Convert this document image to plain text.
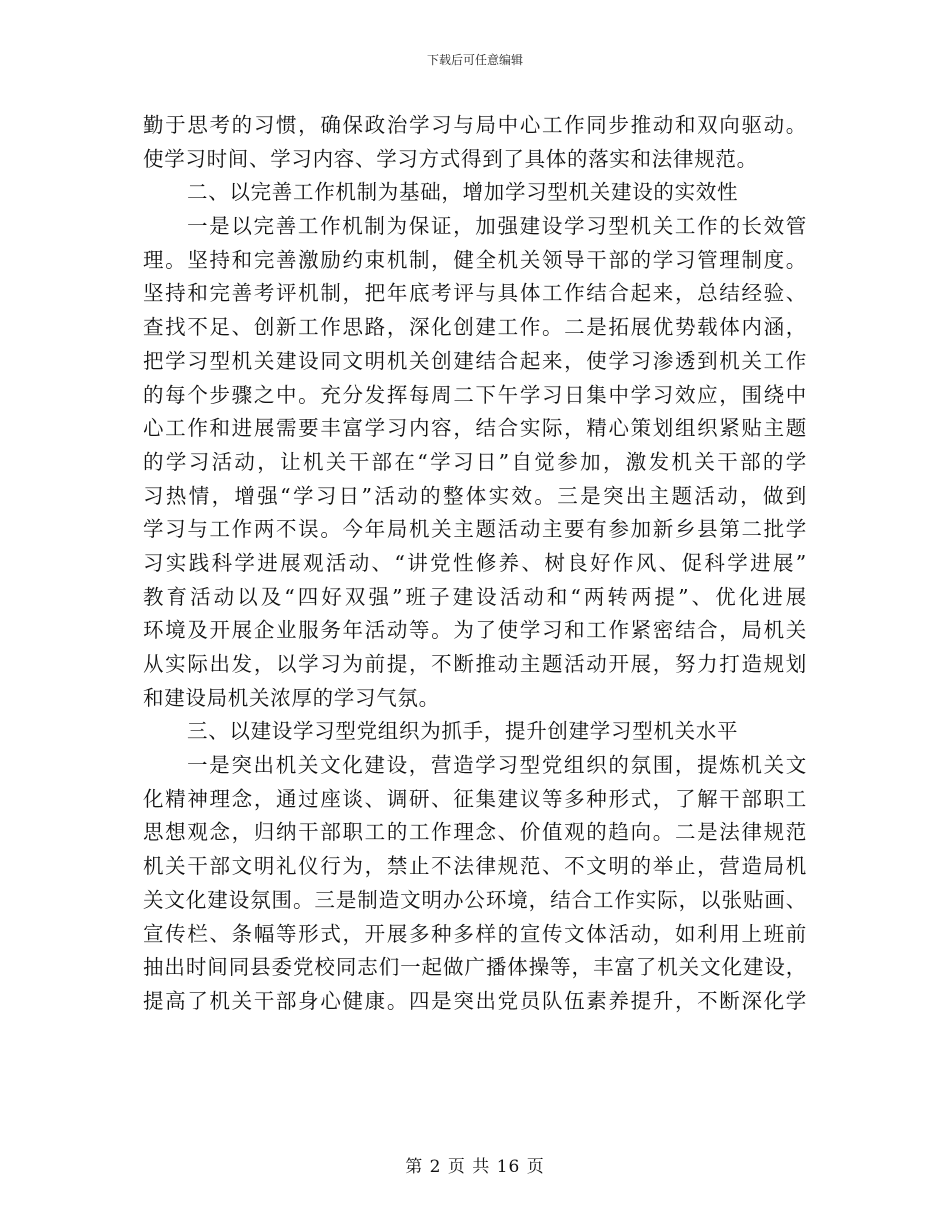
下载后可任意编辑
勤于思考的习惯，确保政治学习与局中心工作同步推动和双向驱动。
使学习时间、学习内容、学习方式得到了具体的落实和法律规范。
二、以完善工作机制为基础，增加学习型机关建设的实效性
一是以完善工作机制为保证，加强建设学习型机关工作的长效管
理。坚持和完善激励约束机制，健全机关领导干部的学习管理制度。
坚持和完善考评机制，把年底考评与具体工作结合起来，总结经验、
查找不足、创新工作思路，深化创建工作。二是拓展优势载体内涵，
把学习型机关建设同文明机关创建结合起来，使学习渗透到机关工作
的每个步骤之中。充分发挥每周二下午学习日集中学习效应，围绕中
心工作和进展需要丰富学习内容，结合实际，精心策划组织紧贴主题
的学习活动，让机关干部在“学习日”自觉参加，激发机关干部的学
习热情，增强“学习日”活动的整体实效。三是突出主题活动，做到
学习与工作两不误。今年局机关主题活动主要有参加新乡县第二批学
习实践科学进展观活动、“讲党性修养、树良好作风、促科学进展”
教育活动以及“四好双强”班子建设活动和“两转两提”、优化进展
环境及开展企业服务年活动等。为了使学习和工作紧密结合，局机关
从实际出发，以学习为前提，不断推动主题活动开展，努力打造规划
和建设局机关浓厚的学习气氛。
三、以建设学习型党组织为抓手，提升创建学习型机关水平
一是突出机关文化建设，营造学习型党组织的氛围，提炼机关文
化精神理念，通过座谈、调研、征集建议等多种形式，了解干部职工
思想观念，归纳干部职工的工作理念、价值观的趋向。二是法律规范
机关干部文明礼仪行为，禁止不法律规范、不文明的举止，营造局机
关文化建设氛围。三是制造文明办公环境，结合工作实际，以张贴画、
宣传栏、条幅等形式，开展多种多样的宣传文体活动，如利用上班前
抽出时间同县委党校同志们一起做广播体操等，丰富了机关文化建设，
提高了机关干部身心健康。四是突出党员队伍素养提升，不断深化学
第 2 页 共 16 页
